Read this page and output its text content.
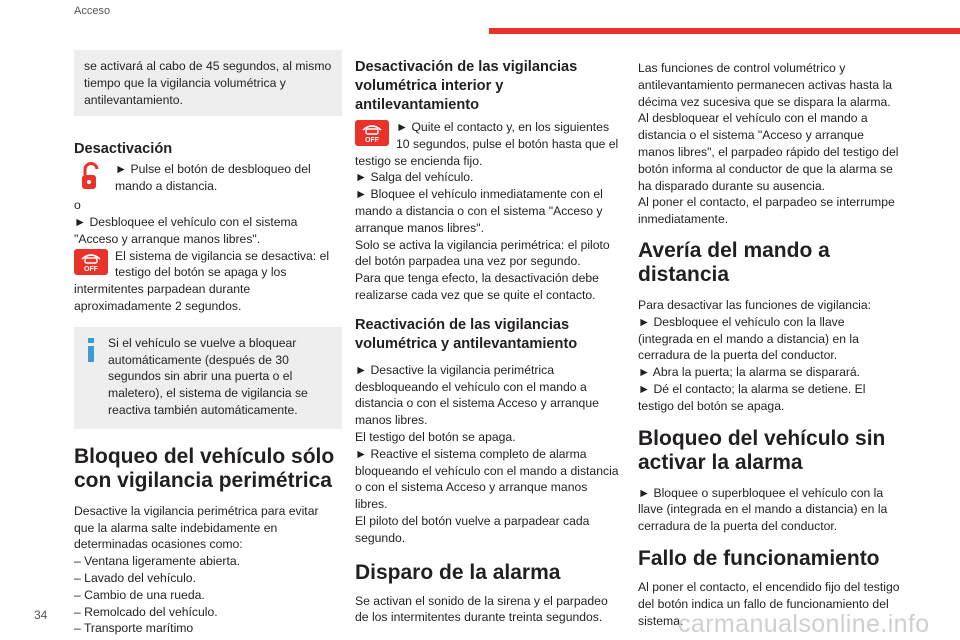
Acceso

se activará al cabo de 45 segundos, al mismo tiempo que la vigilancia volumétrica y antilevantamiento.

Desactivación

► Pulse el botón de desbloqueo del mando a distancia.

o

► Desbloquee el vehículo con el sistema "Acceso y arranque manos libres".

OFF

El sistema de vigilancia se desactiva: el testigo del botón se apaga y los

intermitentes parpadean durante aproximadamente 2 segundos.

Si el vehículo se vuelve a bloquear automáticamente (después de 30 segundos sin abrir una puerta o el maletero), el sistema de vigilancia se reactiva también automáticamente.

Bloqueo del vehículo sólo con vigilancia perimétrica

Desactive la vigilancia perimétrica para evitar que la alarma salte indebidamente en determinadas ocasiones como:

– Ventana ligeramente abierta.

– Lavado del vehículo.

– Cambio de una rueda.

– Remolcado del vehículo.

– Transporte marítimo

Desactivación de las vigilancias volumétrica interior y antilevantamiento
OFF

► Quite el contacto y, en los siguientes 10 segundos, pulse el botón hasta que el

testigo se encienda fijo.

► Salga del vehículo.

► Bloquee el vehículo inmediatamente con el mando a distancia o con el sistema "Acceso y arranque manos libres".

Solo se activa la vigilancia perimétrica: el piloto del botón parpadea una vez por segundo.

Para que tenga efecto, la desactivación debe realizarse cada vez que se quite el contacto.

Reactivación de las vigilancias volumétrica y antilevantamiento

► Desactive la vigilancia perimétrica desbloqueando el vehículo con el mando a distancia o con el sistema Acceso y arranque manos libres.

El testigo del botón se apaga.

► Reactive el sistema completo de alarma bloqueando el vehículo con el mando a distancia o con el sistema Acceso y arranque manos libres.

El piloto del botón vuelve a parpadear cada segundo.

Disparo de la alarma

Se activan el sonido de la sirena y el parpadeo de los intermitentes durante treinta segundos.

Las funciones de control volumétrico y antilevantamiento permanecen activas hasta la décima vez sucesiva que se dispara la alarma.

Al desbloquear el vehículo con el mando a distancia o el sistema "Acceso y arranque manos libres", el parpadeo rápido del testigo del botón informa al conductor de que la alarma se ha disparado durante su ausencia.

Al poner el contacto, el parpadeo se interrumpe inmediatamente.

Avería del mando a distancia

Para desactivar las funciones de vigilancia:

► Desbloquee el vehículo con la llave (integrada en el mando a distancia) en la cerradura de la puerta del conductor.

► Abra la puerta; la alarma se disparará.

► Dé el contacto; la alarma se detiene. El testigo del botón se apaga.

Bloqueo del vehículo sin activar la alarma

► Bloquee o superbloquee el vehículo con la llave (integrada en el mando a distancia) en la cerradura de la puerta del conductor.

Fallo de funcionamiento

Al poner el contacto, el encendido fijo del testigo del botón indica un fallo de funcionamiento del sistema.

34	carmanualsonline.info
